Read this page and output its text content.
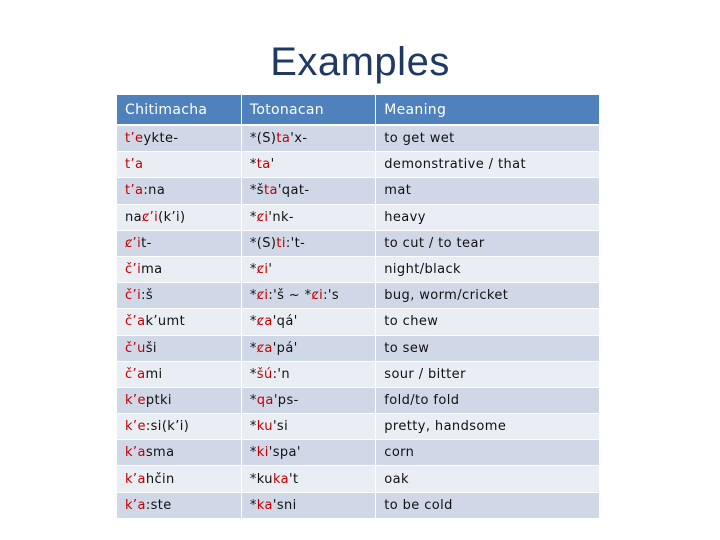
Examples
Chitimacha	Totonacan	Meaning
t’eykte-	*(S)ta'x-	to get wet
t’a	*ta'	demonstrative / that
t’a:na	*šta'qat-	mat
naȼ’i(k’i)	*ȼi'nk-	heavy
ȼ’it-	*(S)ti:'t-	to cut / to tear
č’ima	*ȼi'	night/black
č’i:š	*ȼi:'š ~ *ȼi:'s	bug, worm/cricket
č’ak’umt	*ȼa'qá'	to chew
č’uši	*ȼa'pá'	to sew
č’ami	*šú:'n	sour / bitter
k’eptki	*qa'ps-	fold/to fold
k’e:si(k’i)	*ku'si	pretty, handsome
k’asma	*ki'spa'	corn
k’ahčin	*kuka't	oak
k’a:ste	*ka'sni	to be cold
